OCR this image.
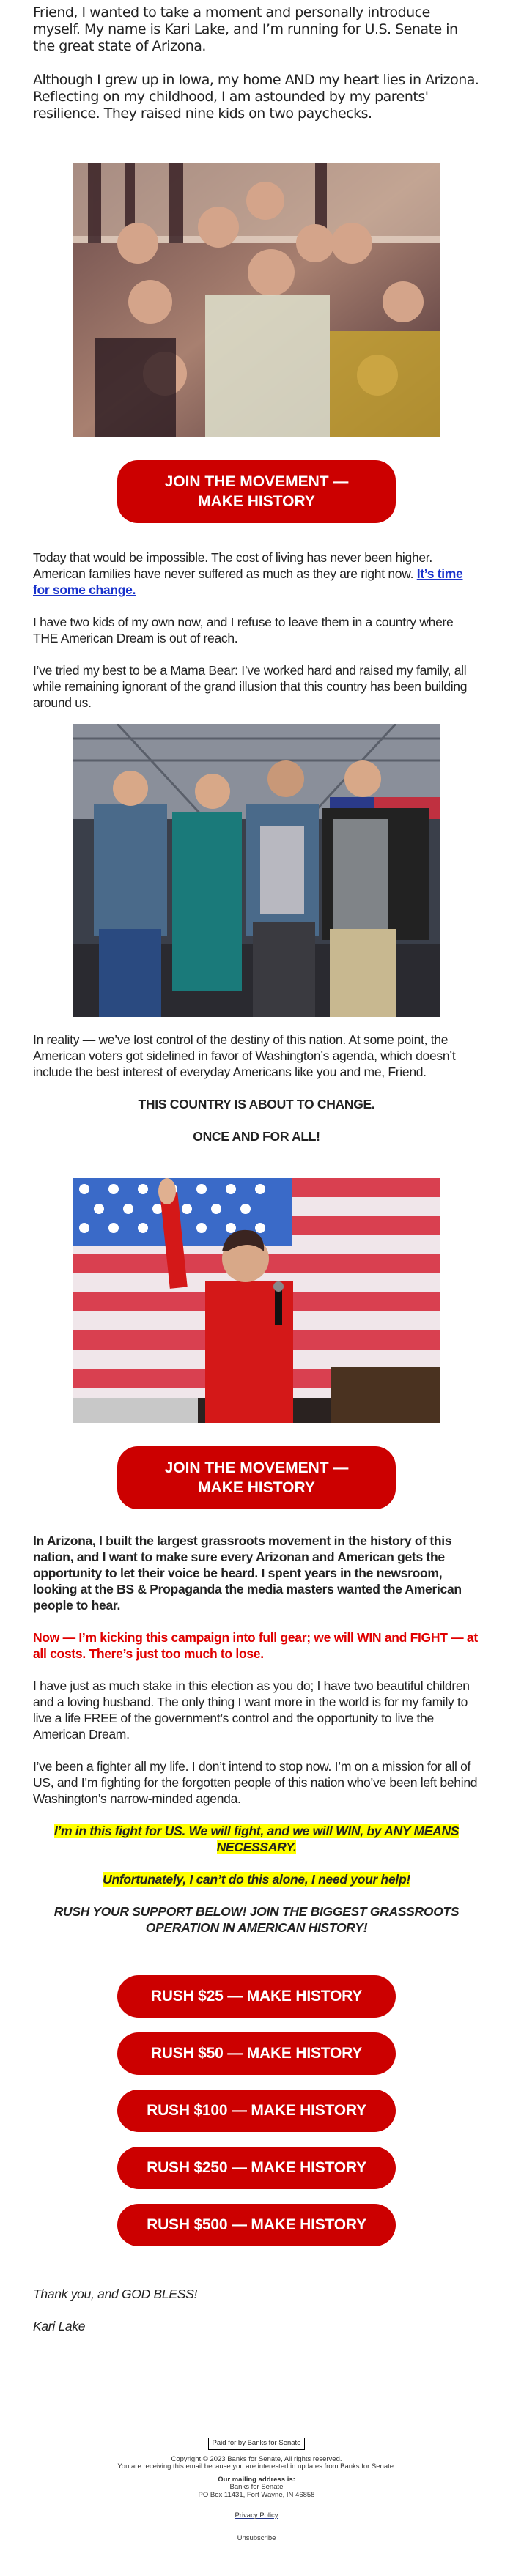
Friend, I wanted to take a moment and personally introduce myself. My name is Kari Lake, and I’m running for U.S. Senate in the great state of Arizona.

Although I grew up in Iowa, my home AND my heart lies in Arizona. Reflecting on my childhood, I am astounded by my parents' resilience. They raised nine kids on two paychecks.

JOIN THE MOVEMENT —
MAKE HISTORY

Today that would be impossible. The cost of living has never been higher. American families have never suffered as much as they are right now. It’s time for some change.

I have two kids of my own now, and I refuse to leave them in a country where THE American Dream is out of reach.

I’ve tried my best to be a Mama Bear: I’ve worked hard and raised my family, all while remaining ignorant of the grand illusion that this country has been building around us.

In reality — we’ve lost control of the destiny of this nation. At some point, the American voters got sidelined in favor of Washington’s agenda, which doesn’t include the best interest of everyday Americans like you and me, Friend.

THIS COUNTRY IS ABOUT TO CHANGE.

ONCE AND FOR ALL!

JOIN THE MOVEMENT —
MAKE HISTORY

In Arizona, I built the largest grassroots movement in the history of this nation, and I want to make sure every Arizonan and American gets the opportunity to let their voice be heard. I spent years in the newsroom, looking at the BS & Propaganda the media masters wanted the American people to hear.

Now — I’m kicking this campaign into full gear; we will WIN and FIGHT — at all costs. There’s just too much to lose.

I have just as much stake in this election as you do; I have two beautiful children and a loving husband. The only thing I want more in the world is for my family to live a life FREE of the government’s control and the opportunity to live the American Dream.

I’ve been a fighter all my life. I don’t intend to stop now. I’m on a mission for all of US, and I’m fighting for the forgotten people of this nation who’ve been left behind Washington’s narrow-minded agenda.

I’m in this fight for US. We will fight, and we will WIN, by ANY MEANS NECESSARY.

Unfortunately, I can’t do this alone, I need your help!

RUSH YOUR SUPPORT BELOW! JOIN THE BIGGEST GRASSROOTS OPERATION IN AMERICAN HISTORY!

RUSH $25 — MAKE HISTORY
RUSH $50 — MAKE HISTORY
RUSH $100 — MAKE HISTORY
RUSH $250 — MAKE HISTORY
RUSH $500 — MAKE HISTORY

Thank you, and GOD BLESS!

Kari Lake

Paid for by Banks for Senate
Copyright © 2023 Banks for Senate, All rights reserved.
You are receiving this email because you are interested in updates from Banks for Senate.
Our mailing address is:
Banks for Senate
PO Box 11431, Fort Wayne, IN 46858
Privacy Policy
Unsubscribe
